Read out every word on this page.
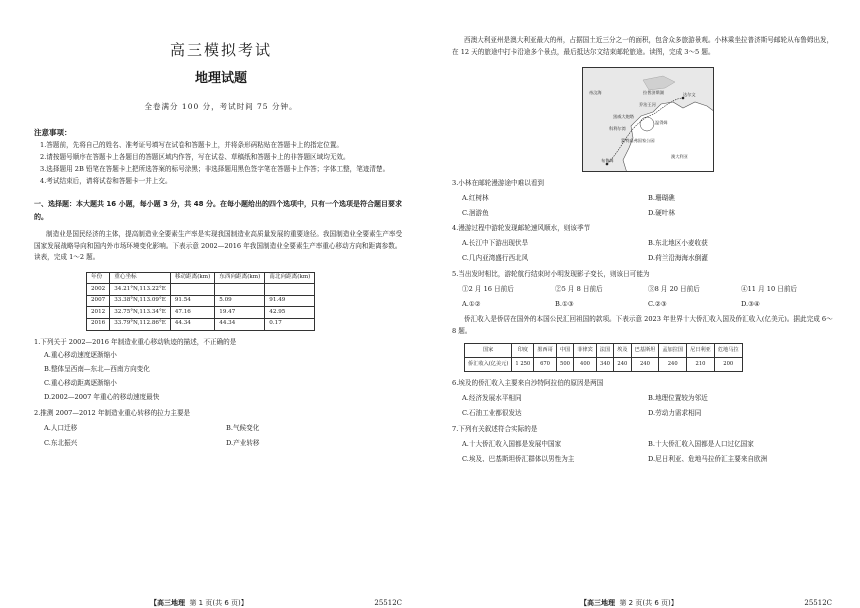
高三模拟考试
地理试题
全卷满分 100 分，考试时间 75 分钟。
注意事项：

1.答题前，先将自己的姓名、准考证号填写在试卷和答题卡上，并将条形码粘贴在答题卡上的指定位置。

2.请按题号顺序在答题卡上各题目的答题区域内作答，写在试卷、草稿纸和答题卡上的非答题区域均无效。

3.选择题用 2B 铅笔在答题卡上把所选答案的标号涂黑；非选择题用黑色签字笔在答题卡上作答；字体工整，笔迹清楚。

4.考试结束后，请将试卷和答题卡一并上交。

一、选择题：本大题共 16 小题，每小题 3 分，共 48 分。在每小题给出的四个选项中，只有一个选项是符合题目要求的。
制造业是国民经济的主体，提高制造业全要素生产率是实现我国制造业高质量发展的重要途径。我国制造业全要素生产率受国家发展战略导向和国内外市场环境变化影响。下表示意 2002—2016 年我国制造业全要素生产率重心移动方向和距离参数。读表，完成 1～2 题。
年份	重心坐标	移动距离(km)	东西向距离(km)	南北向距离(km)
2002	34.21°N,113.22°E			
2007	33.38°N,113.09°E	91.54	5.09	91.49
2012	32.75°N,113.34°E	47.16	19.47	42.95
2016	33.79°N,112.86°E	44.34	44.34	0.17
1.下列关于 2002—2016 年制造业重心移动轨迹的描述，不正确的是
A.重心移动速度逐渐缩小
B.整体呈西南—东北—西南方向变化
C.重心移动距离逐渐缩小
D.2002—2007 年重心的移动速度最快
2.推测 2007—2012 年制造业重心转移的拉力主要是
A.人口迁移	B.气候变化
C.东北振兴	D.产业转移
【高三地理 第 1 页(共 6 页)】	25512C
西澳大利亚州是澳大利亚最大的州，占据国土近三分之一的面积，包含众多旅游景观。小林乘坐拉普济斯号邮轮从布鲁姆出发，在 12 天的旅途中打卡沿途多个景点，最后抵达尔文结束邮轮旅途。读图，完成 3～5 题。
帝汶海	拉普济斯湖
乔治王河
达尔文
黑威大炮塔
科利尔湾
温得姆
蒙特高弗国家公园
布鲁姆
澳大利亚
3.小林在邮轮漫游途中难以看到
A.红树林	B.珊瑚礁
C.洄游鱼	D.硬叶林
4.漫游过程中游轮发现邮轮速风顺水，则该季节
A.长江中下游出现伏旱	B.东北地区小麦收获
C.几内亚湾盛行西北风	D.荷兰沿海海水倒灌
5.当出发时相比，游轮航行结束时小明发现影子变长，则该日可能为
①2 月 16 日前后	②5 月 8 日前后	③8 月 20 日前后	④11 月 10 日前后
A.①②	B.①③	C.②③	D.③④
侨汇收入是侨居在国外的本国公民汇回祖国的款项。下表示意 2023 年世界十大侨汇收入国及侨汇收入(亿美元)。据此完成 6～8 题。
国家	印度	墨西哥	中国	菲律宾	法国	埃及	巴基斯坦	孟加拉国	尼日利亚	危地马拉
侨汇收入(亿美元)	1 250	670	500	400	340	240	240	240	210	200
6.埃及的侨汇收入主要来自沙特阿拉伯的原因是两国
A.经济发展水平相同	B.地理位置较为邻近
C.石油工业都很发达	D.劳动力需求相同
7.下列有关叙述符合实际的是
A.十大侨汇收入国都是发展中国家	B.十大侨汇收入国都是人口过亿国家
C.埃及、巴基斯坦侨汇群体以男性为主	D.尼日利亚、危地马拉侨汇主要来自欧洲
【高三地理 第 2 页(共 6 页)】	25512C
